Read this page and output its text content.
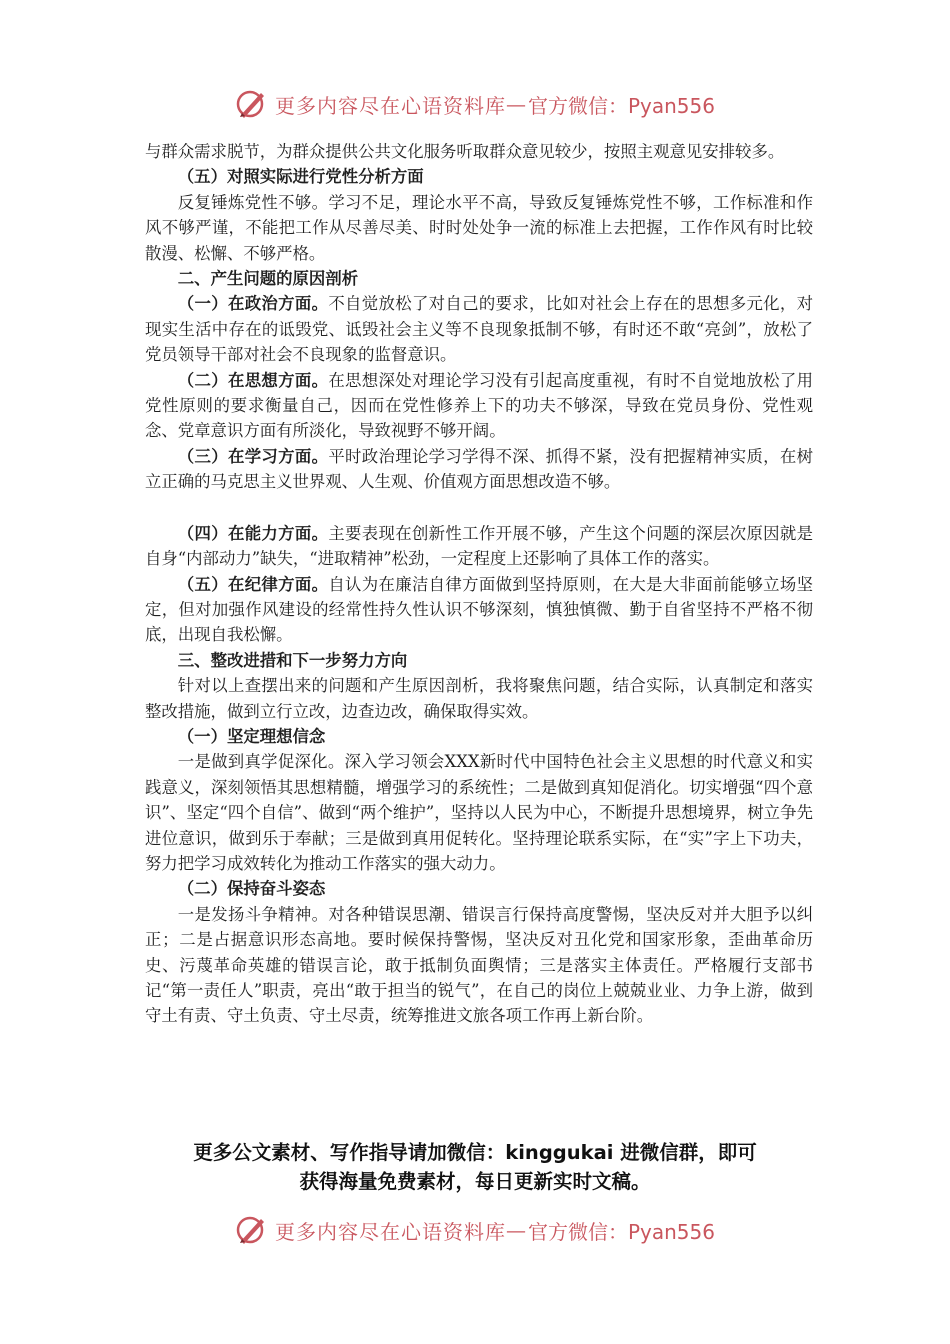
更多内容尽在心语资料库 — 官方微信：Pyan556

与群众需求脱节，为群众提供公共文化服务听取群众意见较少，按照主观意见安排较多。

（五）对照实际进行党性分析方面

反复锤炼党性不够。学习不足，理论水平不高，导致反复锤炼党性不够，工作标准和作风不够严谨，不能把工作从尽善尽美、时时处处争一流的标准上去把握，工作作风有时比较散漫、松懈、不够严格。

二、产生问题的原因剖析

（一）在政治方面。不自觉放松了对自己的要求，比如对社会上存在的思想多元化，对现实生活中存在的诋毁党、诋毁社会主义等不良现象抵制不够，有时还不敢“亮剑”，放松了党员领导干部对社会不良现象的监督意识。

（二）在思想方面。在思想深处对理论学习没有引起高度重视，有时不自觉地放松了用党性原则的要求衡量自己，因而在党性修养上下的功夫不够深，导致在党员身份、党性观念、党章意识方面有所淡化，导致视野不够开阔。

（三）在学习方面。平时政治理论学习学得不深、抓得不紧，没有把握精神实质，在树立正确的马克思主义世界观、人生观、价值观方面思想改造不够。

（四）在能力方面。主要表现在创新性工作开展不够，产生这个问题的深层次原因就是自身“内部动力”缺失，“进取精神”松劲，一定程度上还影响了具体工作的落实。

（五）在纪律方面。自认为在廉洁自律方面做到坚持原则，在大是大非面前能够立场坚定，但对加强作风建设的经常性持久性认识不够深刻，慎独慎微、勤于自省坚持不严格不彻底，出现自我松懈。

三、整改进措和下一步努力方向

针对以上查摆出来的问题和产生原因剖析，我将聚焦问题，结合实际，认真制定和落实整改措施，做到立行立改，边查边改，确保取得实效。

（一）坚定理想信念

一是做到真学促深化。深入学习领会XXX新时代中国特色社会主义思想的时代意义和实践意义，深刻领悟其思想精髓，增强学习的系统性；二是做到真知促消化。切实增强“四个意识”、坚定“四个自信”、做到“两个维护”，坚持以人民为中心，不断提升思想境界，树立争先进位意识，做到乐于奉献；三是做到真用促转化。坚持理论联系实际，在“实”字上下功夫，努力把学习成效转化为推动工作落实的强大动力。

（二）保持奋斗姿态

一是发扬斗争精神。对各种错误思潮、错误言行保持高度警惕，坚决反对并大胆予以纠正；二是占据意识形态高地。要时候保持警惕，坚决反对丑化党和国家形象，歪曲革命历史、污蔑革命英雄的错误言论，敢于抵制负面舆情；三是落实主体责任。严格履行支部书记“第一责任人”职责，亮出“敢于担当的锐气”，在自己的岗位上兢兢业业、力争上游，做到守土有责、守土负责、守土尽责，统筹推进文旅各项工作再上新台阶。

更多公文素材、写作指导请加微信：kinggukai 进微信群，即可
获得海量免费素材，每日更新实时文稿。
更多内容尽在心语资料库 — 官方微信：Pyan556
